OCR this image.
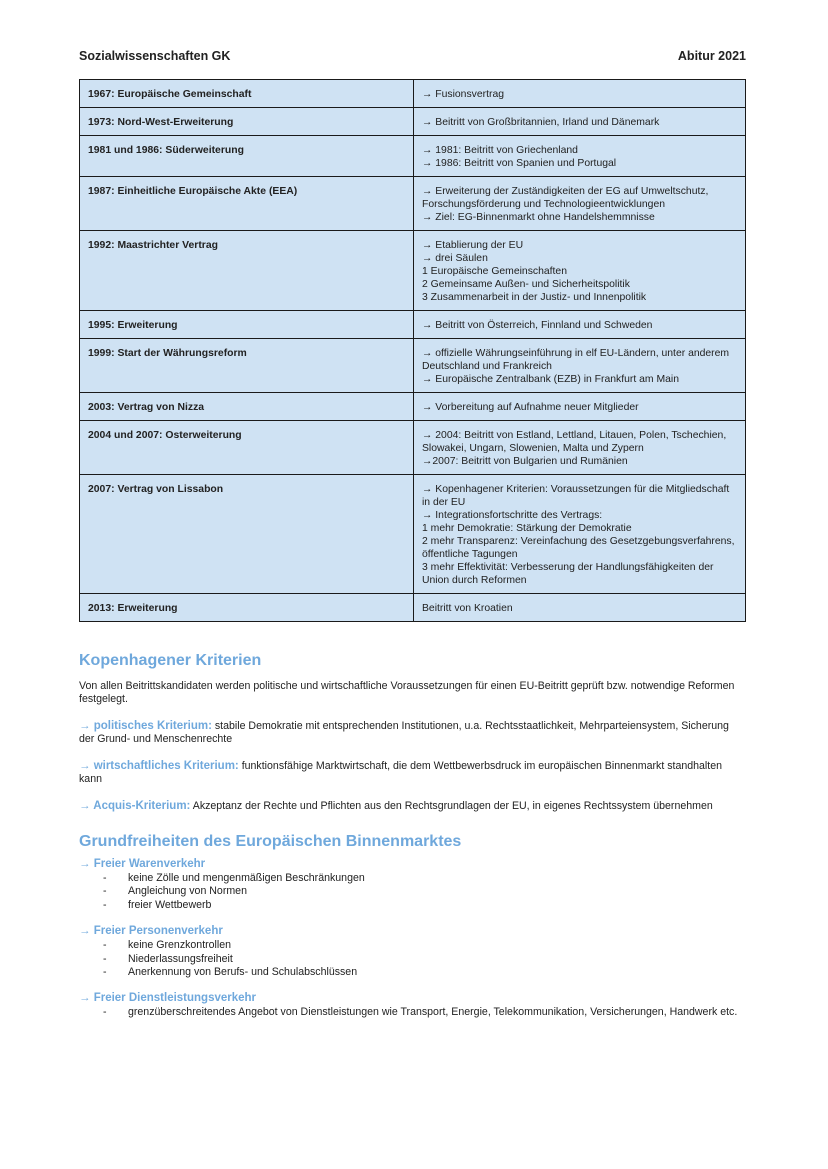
Sozialwissenschaften GK	Abitur 2021
1967: Europäische Gemeinschaft	→ Fusionsvertrag

1973: Nord-West-Erweiterung	→ Beitritt von Großbritannien, Irland und Dänemark

1981 und 1986: Süderweiterung	→ 1981: Beitritt von Griechenland
→ 1986: Beitritt von Spanien und Portugal

1987: Einheitliche Europäische Akte (EEA)	→ Erweiterung der Zuständigkeiten der EG auf Umweltschutz, Forschungsförderung und Technologieentwicklungen
→ Ziel: EG-Binnenmarkt ohne Handelshemmnisse

1992: Maastrichter Vertrag	→ Etablierung der EU
→ drei Säulen
1 Europäische Gemeinschaften
2 Gemeinsame Außen- und Sicherheitspolitik
3 Zusammenarbeit in der Justiz- und Innenpolitik

1995: Erweiterung	→ Beitritt von Österreich, Finnland und Schweden

1999: Start der Währungsreform	→ offizielle Währungseinführung in elf EU-Ländern, unter anderem Deutschland und Frankreich
→ Europäische Zentralbank (EZB) in Frankfurt am Main

2003: Vertrag von Nizza	→ Vorbereitung auf Aufnahme neuer Mitglieder

2004 und 2007: Osterweiterung	→ 2004: Beitritt von Estland, Lettland, Litauen, Polen, Tschechien, Slowakei, Ungarn, Slowenien, Malta und Zypern
→2007: Beitritt von Bulgarien und Rumänien

2007: Vertrag von Lissabon	→ Kopenhagener Kriterien: Voraussetzungen für die Mitgliedschaft in der EU
→ Integrationsfortschritte des Vertrags:
1 mehr Demokratie: Stärkung der Demokratie
2 mehr Transparenz: Vereinfachung des Gesetzgebungsverfahrens, öffentliche Tagungen
3 mehr Effektivität: Verbesserung der Handlungsfähigkeiten der Union durch Reformen

2013: Erweiterung	Beitritt von Kroatien
Kopenhagener Kriterien

Von allen Beitrittskandidaten werden politische und wirtschaftliche Voraussetzungen für einen EU-Beitritt geprüft bzw. notwendige Reformen festgelegt.

→ politisches Kriterium: stabile Demokratie mit entsprechenden Institutionen, u.a. Rechtsstaatlichkeit, Mehrparteiensystem, Sicherung der Grund- und Menschenrechte

→ wirtschaftliches Kriterium: funktionsfähige Marktwirtschaft, die dem Wettbewerbsdruck im europäischen Binnenmarkt standhalten kann

→ Acquis-Kriterium: Akzeptanz der Rechte und Pflichten aus den Rechtsgrundlagen der EU, in eigenes Rechtssystem übernehmen

Grundfreiheiten des Europäischen Binnenmarktes
→ Freier Warenverkehr
- keine Zölle und mengenmäßigen Beschränkungen
- Angleichung von Normen
- freier Wettbewerb
→ Freier Personenverkehr
- keine Grenzkontrollen
- Niederlassungsfreiheit
- Anerkennung von Berufs- und Schulabschlüssen
→ Freier Dienstleistungsverkehr
- grenzüberschreitendes Angebot von Dienstleistungen wie Transport, Energie, Telekommunikation, Versicherungen, Handwerk etc.
